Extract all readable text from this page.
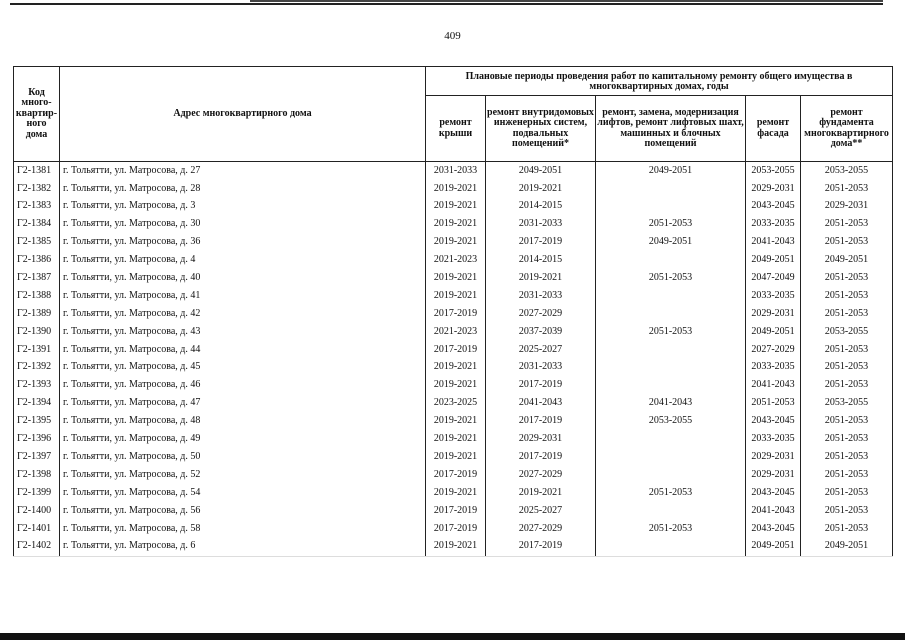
409
Код много-квартир-ного дома	Адрес многоквартирного дома	Плановые периоды проведения работ по капитальному ремонту общего имущества в многоквартирных домах, годы				
		ремонт крыши	ремонт внутридомовых инженерных систем, подвальных помещений*	ремонт, замена, модернизация лифтов, ремонт лифтовых шахт, машинных и блочных помещений	ремонт фасада	ремонт фундамента многоквартирного дома**
Г2-1381	г. Тольятти, ул. Матросова, д. 27	2031-2033	2049-2051	2049-2051	2053-2055	2053-2055
Г2-1382	г. Тольятти, ул. Матросова, д. 28	2019-2021	2019-2021		2029-2031	2051-2053
Г2-1383	г. Тольятти, ул. Матросова, д. 3	2019-2021	2014-2015		2043-2045	2029-2031
Г2-1384	г. Тольятти, ул. Матросова, д. 30	2019-2021	2031-2033	2051-2053	2033-2035	2051-2053
Г2-1385	г. Тольятти, ул. Матросова, д. 36	2019-2021	2017-2019	2049-2051	2041-2043	2051-2053
Г2-1386	г. Тольятти, ул. Матросова, д. 4	2021-2023	2014-2015		2049-2051	2049-2051
Г2-1387	г. Тольятти, ул. Матросова, д. 40	2019-2021	2019-2021	2051-2053	2047-2049	2051-2053
Г2-1388	г. Тольятти, ул. Матросова, д. 41	2019-2021	2031-2033		2033-2035	2051-2053
Г2-1389	г. Тольятти, ул. Матросова, д. 42	2017-2019	2027-2029		2029-2031	2051-2053
Г2-1390	г. Тольятти, ул. Матросова, д. 43	2021-2023	2037-2039	2051-2053	2049-2051	2053-2055
Г2-1391	г. Тольятти, ул. Матросова, д. 44	2017-2019	2025-2027		2027-2029	2051-2053
Г2-1392	г. Тольятти, ул. Матросова, д. 45	2019-2021	2031-2033		2033-2035	2051-2053
Г2-1393	г. Тольятти, ул. Матросова, д. 46	2019-2021	2017-2019		2041-2043	2051-2053
Г2-1394	г. Тольятти, ул. Матросова, д. 47	2023-2025	2041-2043	2041-2043	2051-2053	2053-2055
Г2-1395	г. Тольятти, ул. Матросова, д. 48	2019-2021	2017-2019	2053-2055	2043-2045	2051-2053
Г2-1396	г. Тольятти, ул. Матросова, д. 49	2019-2021	2029-2031		2033-2035	2051-2053
Г2-1397	г. Тольятти, ул. Матросова, д. 50	2019-2021	2017-2019		2029-2031	2051-2053
Г2-1398	г. Тольятти, ул. Матросова, д. 52	2017-2019	2027-2029		2029-2031	2051-2053
Г2-1399	г. Тольятти, ул. Матросова, д. 54	2019-2021	2019-2021	2051-2053	2043-2045	2051-2053
Г2-1400	г. Тольятти, ул. Матросова, д. 56	2017-2019	2025-2027		2041-2043	2051-2053
Г2-1401	г. Тольятти, ул. Матросова, д. 58	2017-2019	2027-2029	2051-2053	2043-2045	2051-2053
Г2-1402	г. Тольятти, ул. Матросова, д. 6	2019-2021	2017-2019		2049-2051	2049-2051
